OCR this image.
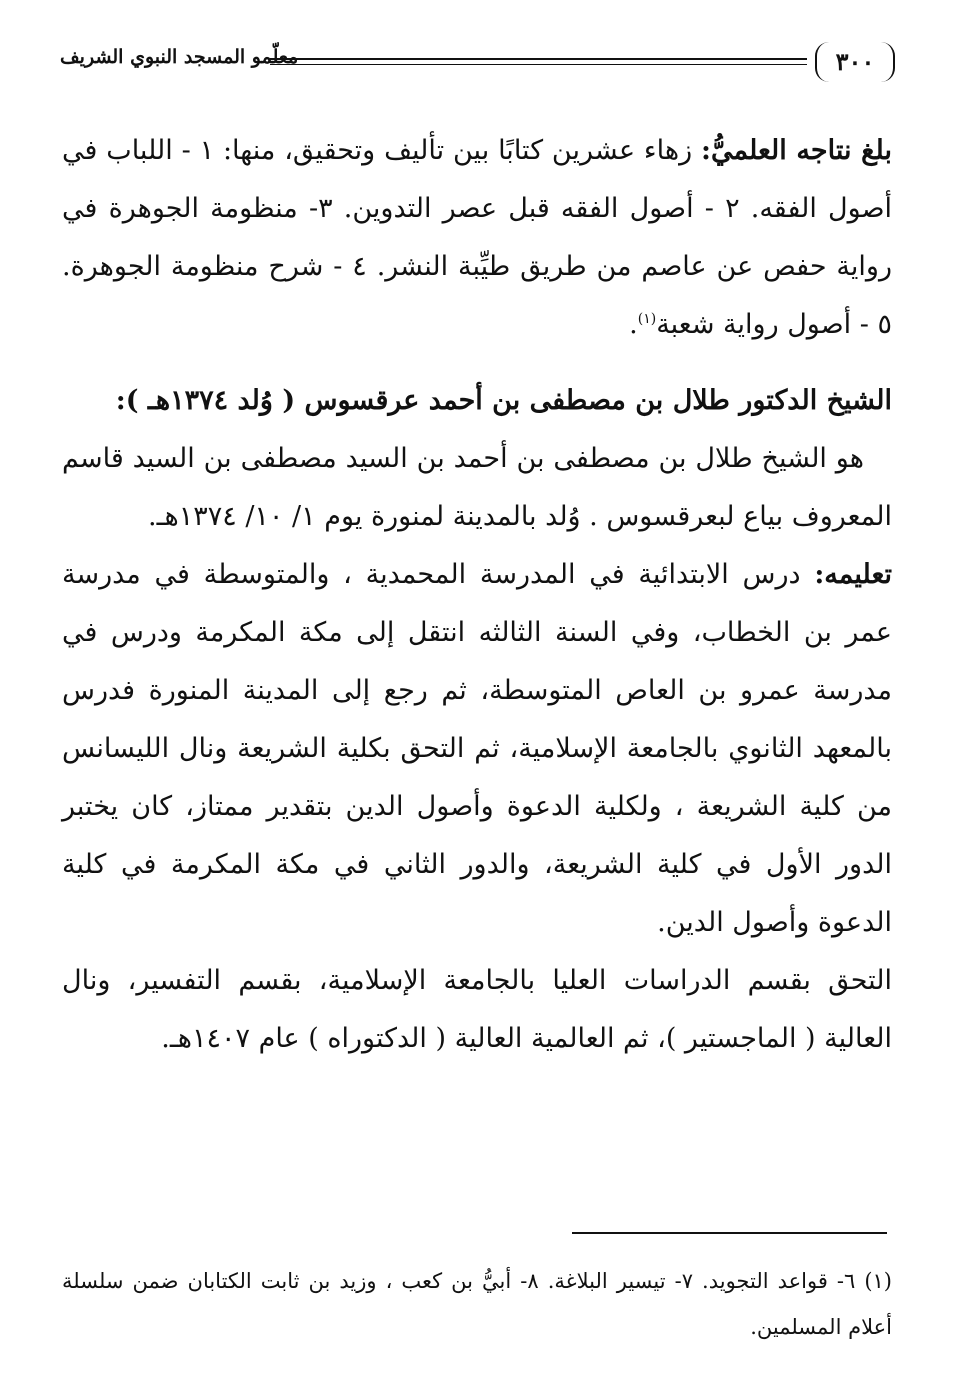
٣٠٠
معلّمو المسجد النبوي الشريف

بلغ نتاجه العلميُّ: زهاء عشرين كتابًا بين تأليف وتحقيق، منها: ١ - اللباب في أصول الفقه. ٢ - أصول الفقه قبل عصر التدوين. ٣- منظومة الجوهرة في رواية حفص عن عاصم من طريق طيِّبة النشر. ٤ - شرح منظومة الجوهرة. ٥ - أصول رواية شعبة$^{(١)}$.

الشيخ الدكتور طلال بن مصطفى بن أحمد عرقسوس ( وُلد ١٣٧٤هـ ):

هو الشيخ طلال بن مصطفى بن أحمد بن السيد مصطفى بن السيد قاسم المعروف بياع لبعرقسوس . وُلد بالمدينة لمنورة يوم ١/ ١٠/ ١٣٧٤هـ.

تعليمه: درس الابتدائية في المدرسة المحمدية ، والمتوسطة في مدرسة عمر بن الخطاب، وفي السنة الثالثه انتقل إلى مكة المكرمة ودرس في مدرسة عمرو بن العاص المتوسطة، ثم رجع إلى المدينة المنورة فدرس بالمعهد الثانوي بالجامعة الإسلامية، ثم التحق بكلية الشريعة ونال الليسانس من كلية الشريعة ، ولكلية الدعوة وأصول الدين بتقدير ممتاز، كان يختبر الدور الأول في كلية الشريعة، والدور الثاني في مكة المكرمة في كلية الدعوة وأصول الدين.

التحق بقسم الدراسات العليا بالجامعة الإسلامية، بقسم التفسير، ونال العالية ( الماجستير )، ثم العالمية العالية ( الدكتوراه ) عام ١٤٠٧هـ.

(١) ٦- قواعد التجويد. ٧- تيسير البلاغة. ٨- أبيُّ بن كعب ، وزيد بن ثابت الكتابان ضمن سلسلة أعلام المسلمين.
